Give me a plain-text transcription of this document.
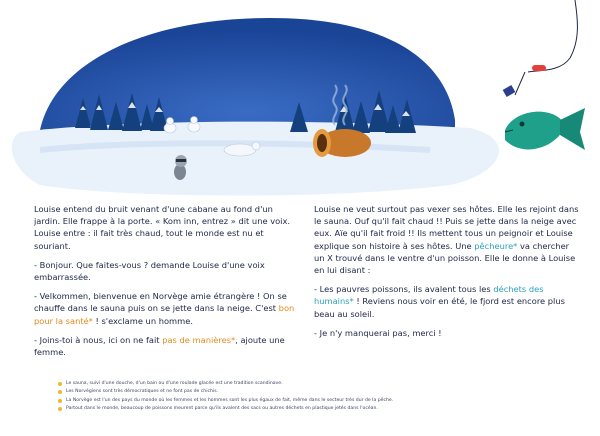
Louise entend du bruit venant d'une cabane au fond d'un jardin. Elle frappe à la porte. « Kom inn, entrez » dit une voix. Louise entre : il fait très chaud, tout le monde est nu et souriant.

- Bonjour. Que faites-vous ? demande Louise d'une voix embarrassée.

- Velkommen, bienvenue en Norvège amie étrangère ! On se chauffe dans le sauna puis on se jette dans la neige. C'est bon pour la santé* ! s'exclame un homme.

- Joins-toi à nous, ici on ne fait pas de manières*, ajoute une femme.

Louise ne veut surtout pas vexer ses hôtes. Elle les rejoint dans le sauna. Ouf qu'il fait chaud !! Puis se jette dans la neige avec eux. Aïe qu'il fait froid !! Ils mettent tous un peignoir et Louise explique son histoire à ses hôtes. Une pêcheure* va chercher un X trouvé dans le ventre d'un poisson. Elle le donne à Louise en lui disant :

- Les pauvres poissons, ils avalent tous les déchets des humains* ! Reviens nous voir en été, le fjord est encore plus beau au soleil.

- Je n'y manquerai pas, merci !

Le sauna, suivi d'une douche, d'un bain ou d'une roulade glacée est une tradition scandinave.
Les Norvégiens sont très démocratiques et ne font pas de chichis.
La Norvège est l'un des pays du monde où les femmes et les hommes sont les plus égaux de fait, même dans le secteur très dur de la pêche.
Partout dans le monde, beaucoup de poissons meurent parce qu'ils avalent des sacs ou autres déchets en plastique jetés dans l'océan.
